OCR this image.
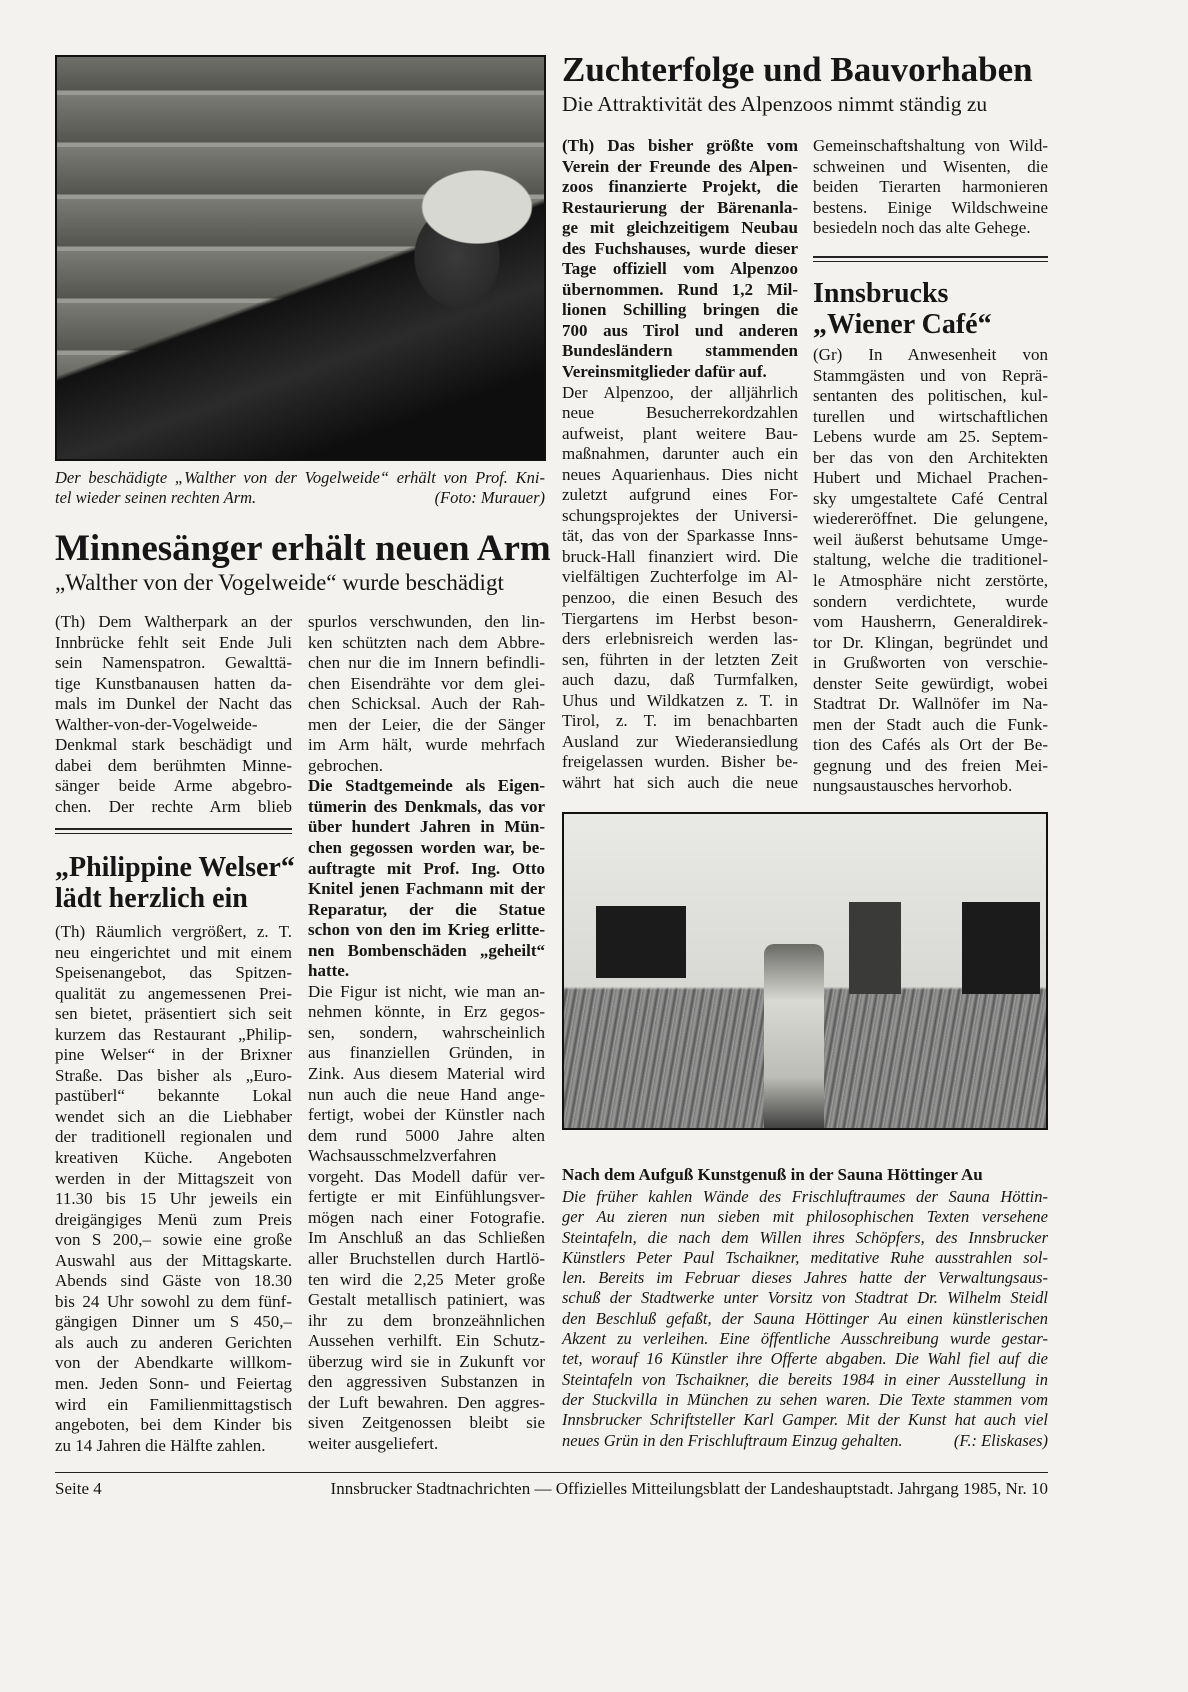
Der beschädigte „Walther von der Vogelweide“ erhält von Prof. Kni-
tel wieder seinen rechten Arm.	(Foto: Murauer)
Minnesänger erhält neuen Arm
„Walther von der Vogelweide“ wurde beschädigt
(Th) Dem Waltherpark an der
Innbrücke fehlt seit Ende Juli
sein Namenspatron. Gewalttä-
tige Kunstbanausen hatten da-
mals im Dunkel der Nacht das
Walther-von-der-Vogelweide-
Denkmal stark beschädigt und
dabei dem berühmten Minne-
sänger beide Arme abgebro-
chen. Der rechte Arm blieb
spurlos verschwunden, den lin-
ken schützten nach dem Abbre-
chen nur die im Innern befindli-
chen Eisendrähte vor dem glei-
chen Schicksal. Auch der Rah-
men der Leier, die der Sänger
im Arm hält, wurde mehrfach
gebrochen.
Die Stadtgemeinde als Eigen-
tümerin des Denkmals, das vor
über hundert Jahren in Mün-
chen gegossen worden war, be-
auftragte mit Prof. Ing. Otto
Knitel jenen Fachmann mit der
Reparatur, der die Statue
schon von den im Krieg erlitte-
nen Bombenschäden „geheilt“
hatte.
Die Figur ist nicht, wie man an-
nehmen könnte, in Erz gegos-
sen, sondern, wahrscheinlich
aus finanziellen Gründen, in
Zink. Aus diesem Material wird
nun auch die neue Hand ange-
fertigt, wobei der Künstler nach
dem rund 5000 Jahre alten
Wachsausschmelzverfahren
vorgeht. Das Modell dafür ver-
fertigte er mit Einfühlungsver-
mögen nach einer Fotografie.
Im Anschluß an das Schließen
aller Bruchstellen durch Hartlö-
ten wird die 2,25 Meter große
Gestalt metallisch patiniert, was
ihr zu dem bronzeähnlichen
Aussehen verhilft. Ein Schutz-
überzug wird sie in Zukunft vor
den aggressiven Substanzen in
der Luft bewahren. Den aggres-
siven Zeitgenossen bleibt sie
weiter ausgeliefert.
„Philippine Welser“
lädt herzlich ein
(Th) Räumlich vergrößert, z. T.
neu eingerichtet und mit einem
Speisenangebot, das Spitzen-
qualität zu angemessenen Prei-
sen bietet, präsentiert sich seit
kurzem das Restaurant „Philip-
pine Welser“ in der Brixner
Straße. Das bisher als „Euro-
pastüberl“ bekannte Lokal
wendet sich an die Liebhaber
der traditionell regionalen und
kreativen Küche. Angeboten
werden in der Mittagszeit von
11.30 bis 15 Uhr jeweils ein
dreigängiges Menü zum Preis
von S 200,– sowie eine große
Auswahl aus der Mittagskarte.
Abends sind Gäste von 18.30
bis 24 Uhr sowohl zu dem fünf-
gängigen Dinner um S 450,–
als auch zu anderen Gerichten
von der Abendkarte willkom-
men. Jeden Sonn- und Feiertag
wird ein Familienmittagstisch
angeboten, bei dem Kinder bis
zu 14 Jahren die Hälfte zahlen.
Zuchterfolge und Bauvorhaben
Die Attraktivität des Alpenzoos nimmt ständig zu
(Th) Das bisher größte vom
Verein der Freunde des Alpen-
zoos finanzierte Projekt, die
Restaurierung der Bärenanla-
ge mit gleichzeitigem Neubau
des Fuchshauses, wurde dieser
Tage offiziell vom Alpenzoo
übernommen. Rund 1,2 Mil-
lionen Schilling bringen die
700 aus Tirol und anderen
Bundesländern stammenden
Vereinsmitglieder dafür auf.
Der Alpenzoo, der alljährlich
neue Besucherrekordzahlen
aufweist, plant weitere Bau-
maßnahmen, darunter auch ein
neues Aquarienhaus. Dies nicht
zuletzt aufgrund eines For-
schungsprojektes der Universi-
tät, das von der Sparkasse Inns-
bruck-Hall finanziert wird. Die
vielfältigen Zuchterfolge im Al-
penzoo, die einen Besuch des
Tiergartens im Herbst beson-
ders erlebnisreich werden las-
sen, führten in der letzten Zeit
auch dazu, daß Turmfalken,
Uhus und Wildkatzen z. T. in
Tirol, z. T. im benachbarten
Ausland zur Wiederansiedlung
freigelassen wurden. Bisher be-
währt hat sich auch die neue
Gemeinschaftshaltung von Wild-
schweinen und Wisenten, die
beiden Tierarten harmonieren
bestens. Einige Wildschweine
besiedeln noch das alte Gehege.
Innsbrucks
„Wiener Café“
(Gr) In Anwesenheit von
Stammgästen und von Reprä-
sentanten des politischen, kul-
turellen und wirtschaftlichen
Lebens wurde am 25. Septem-
ber das von den Architekten
Hubert und Michael Prachen-
sky umgestaltete Café Central
wiedereröffnet. Die gelungene,
weil äußerst behutsame Umge-
staltung, welche die traditionel-
le Atmosphäre nicht zerstörte,
sondern verdichtete, wurde
vom Hausherrn, Generaldirek-
tor Dr. Klingan, begründet und
in Grußworten von verschie-
denster Seite gewürdigt, wobei
Stadtrat Dr. Wallnöfer im Na-
men der Stadt auch die Funk-
tion des Cafés als Ort der Be-
gegnung und des freien Mei-
nungsaustausches hervorhob.
Nach dem Aufguß Kunstgenuß in der Sauna Höttinger Au
Die früher kahlen Wände des Frischluftraumes der Sauna Höttin-
ger Au zieren nun sieben mit philosophischen Texten versehene
Steintafeln, die nach dem Willen ihres Schöpfers, des Innsbrucker
Künstlers Peter Paul Tschaikner, meditative Ruhe ausstrahlen sol-
len. Bereits im Februar dieses Jahres hatte der Verwaltungsaus-
schuß der Stadtwerke unter Vorsitz von Stadtrat Dr. Wilhelm Steidl
den Beschluß gefaßt, der Sauna Höttinger Au einen künstlerischen
Akzent zu verleihen. Eine öffentliche Ausschreibung wurde gestar-
tet, worauf 16 Künstler ihre Offerte abgaben. Die Wahl fiel auf die
Steintafeln von Tschaikner, die bereits 1984 in einer Ausstellung in
der Stuckvilla in München zu sehen waren. Die Texte stammen vom
Innsbrucker Schriftsteller Karl Gamper. Mit der Kunst hat auch viel
neues Grün in den Frischluftraum Einzug gehalten.	(F.: Eliskases)
Seite 4	Innsbrucker Stadtnachrichten — Offizielles Mitteilungsblatt der Landeshauptstadt. Jahrgang 1985, Nr. 10
